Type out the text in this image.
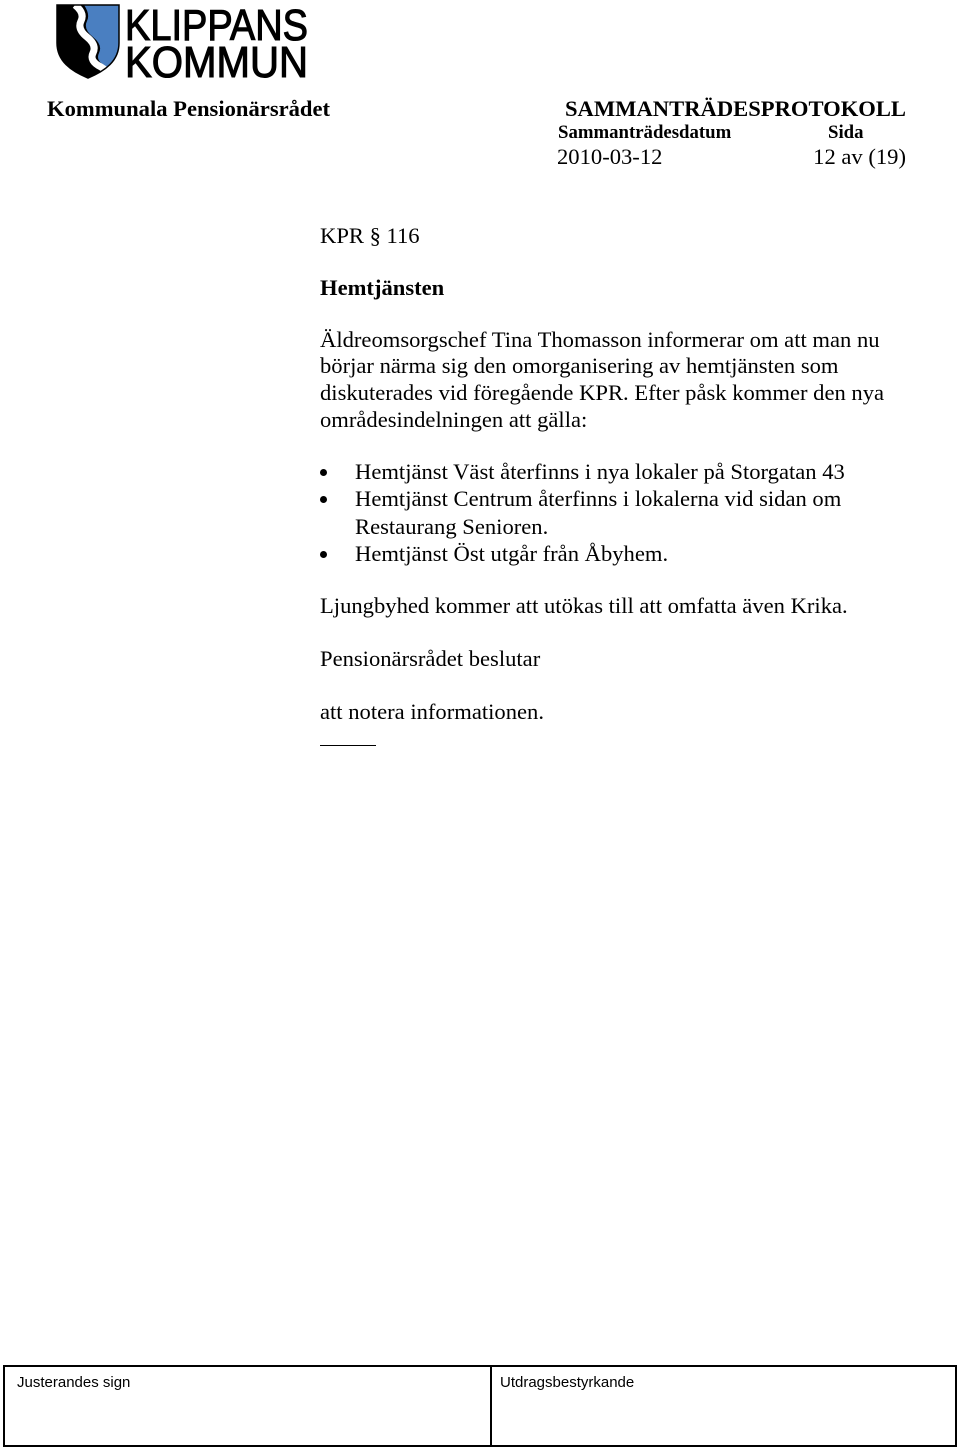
KLIPPANS
KOMMUN
Kommunala Pensionärsrådet	SAMMANTRÄDESPROTOKOLL
Sammanträdesdatum	Sida
2010-03-12	12 av (19)
KPR § 116
Hemtjänsten
Äldreomsorgschef Tina Thomasson informerar om att man nu
börjar närma sig den omorganisering av hemtjänsten som
diskuterades vid föregående KPR. Efter påsk kommer den nya
områdesindelningen att gälla:
Hemtjänst Väst återfinns i nya lokaler på Storgatan 43
Hemtjänst Centrum återfinns i lokalerna vid sidan om
Restaurang Senioren.
Hemtjänst Öst utgår från Åbyhem.
Ljungbyhed kommer att utökas till att omfatta även Krika.
Pensionärsrådet beslutar
att notera informationen.
Justerandes sign	Utdragsbestyrkande
